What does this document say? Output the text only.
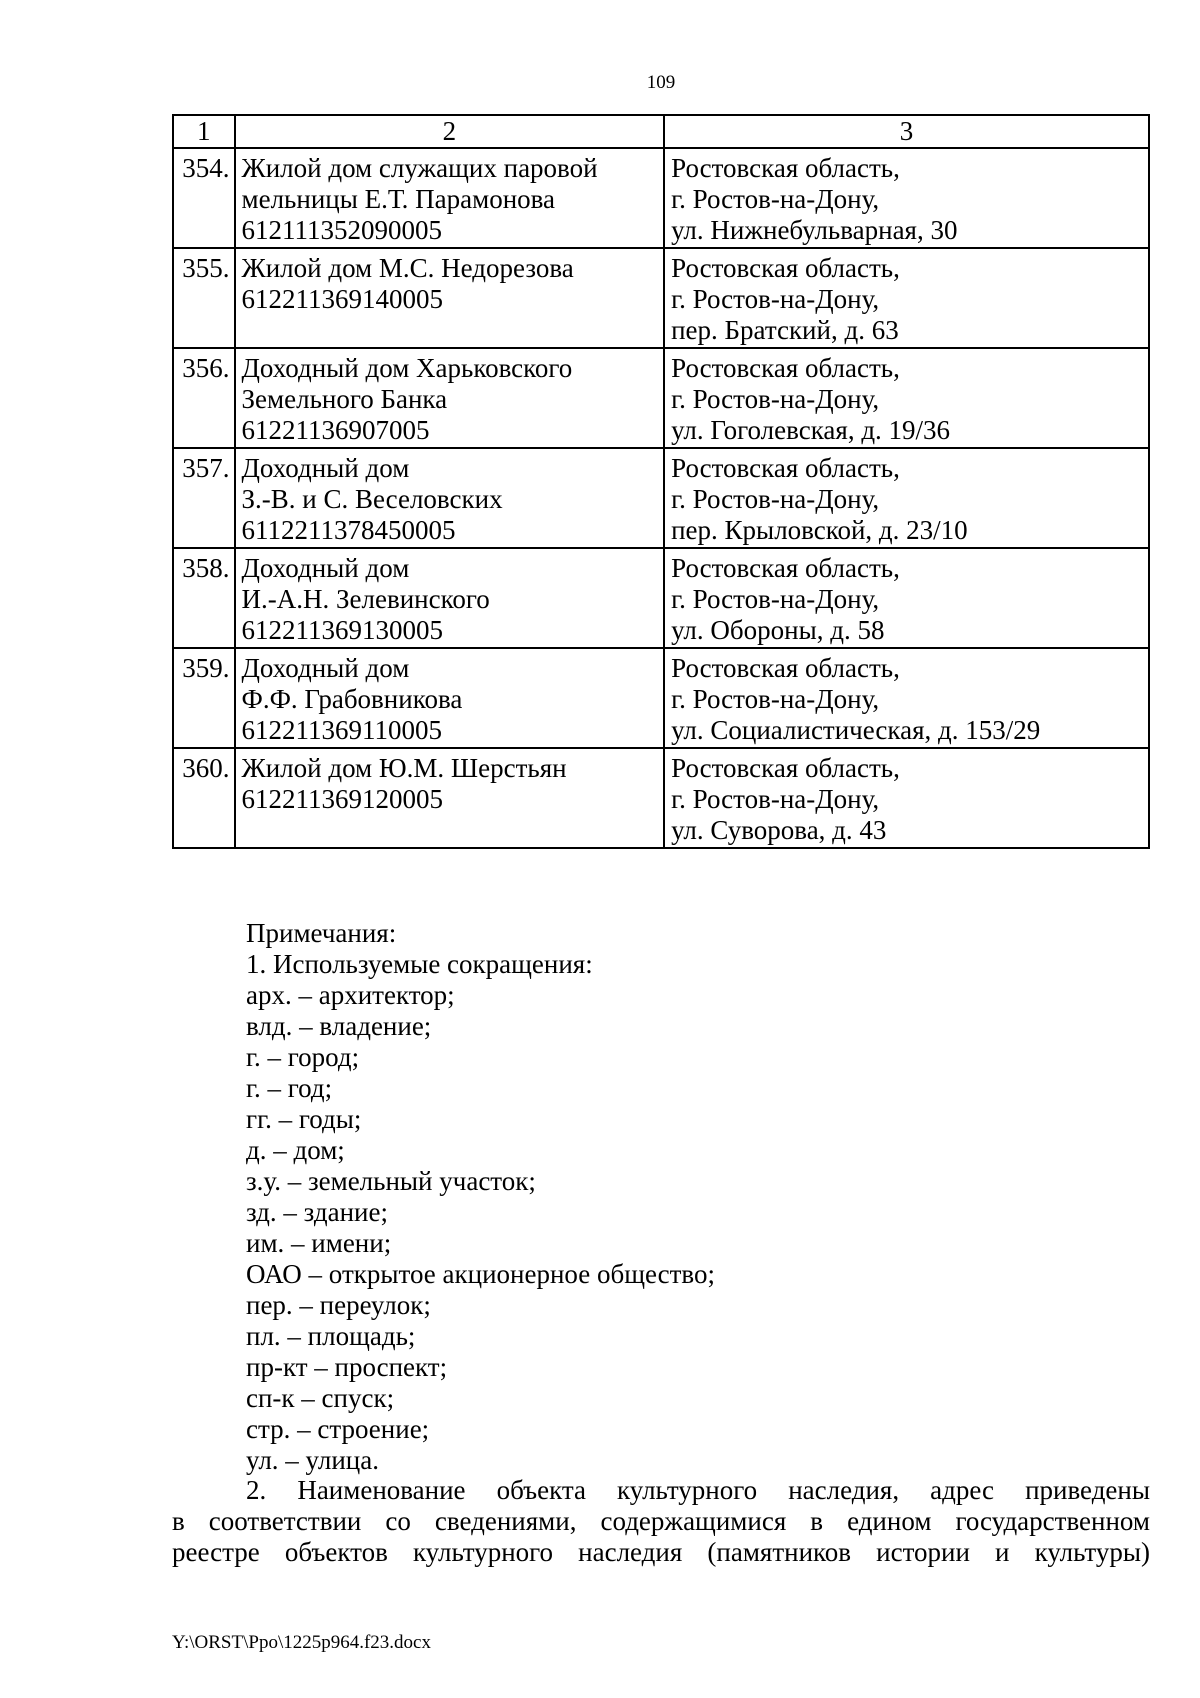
109
1	2	3
354.	Жилой дом служащих паровой
мельницы Е.Т. Парамонова
612111352090005	Ростовская область,
г. Ростов-на-Дону,
ул. Нижнебульварная, 30

355.	Жилой дом М.С. Недорезова
612211369140005	Ростовская область,
г. Ростов-на-Дону,
пер. Братский, д. 63

356.	Доходный дом Харьковского
Земельного Банка
61221136907005	Ростовская область,
г. Ростов-на-Дону,
ул. Гоголевская, д. 19/36

357.	Доходный дом
З.-В. и С. Веселовских
6112211378450005	Ростовская область,
г. Ростов-на-Дону,
пер. Крыловской, д. 23/10

358.	Доходный дом
И.-А.Н. Зелевинского
612211369130005	Ростовская область,
г. Ростов-на-Дону,
ул. Обороны, д. 58

359.	Доходный дом
Ф.Ф. Грабовникова
612211369110005	Ростовская область,
г. Ростов-на-Дону,
ул. Социалистическая, д. 153/29

360.	Жилой дом Ю.М. Шерстьян
612211369120005	Ростовская область,
г. Ростов-на-Дону,
ул. Суворова, д. 43
Примечания:
1. Используемые сокращения:
арх. – архитектор;
влд. – владение;
г. – город;
г. – год;
гг. – годы;
д. – дом;
з.у. – земельный участок;
зд. – здание;
им. – имени;
ОАО – открытое акционерное общество;
пер. – переулок;
пл. – площадь;
пр-кт – проспект;
сп-к – спуск;
стр. – строение;
ул. – улица.
2. Наименование объекта культурного наследия, адрес приведены
в соответствии со сведениями, содержащимися в едином государственном
реестре объектов культурного наследия (памятников истории и культуры)
Y:\ORST\Ppo\1225p964.f23.docx
